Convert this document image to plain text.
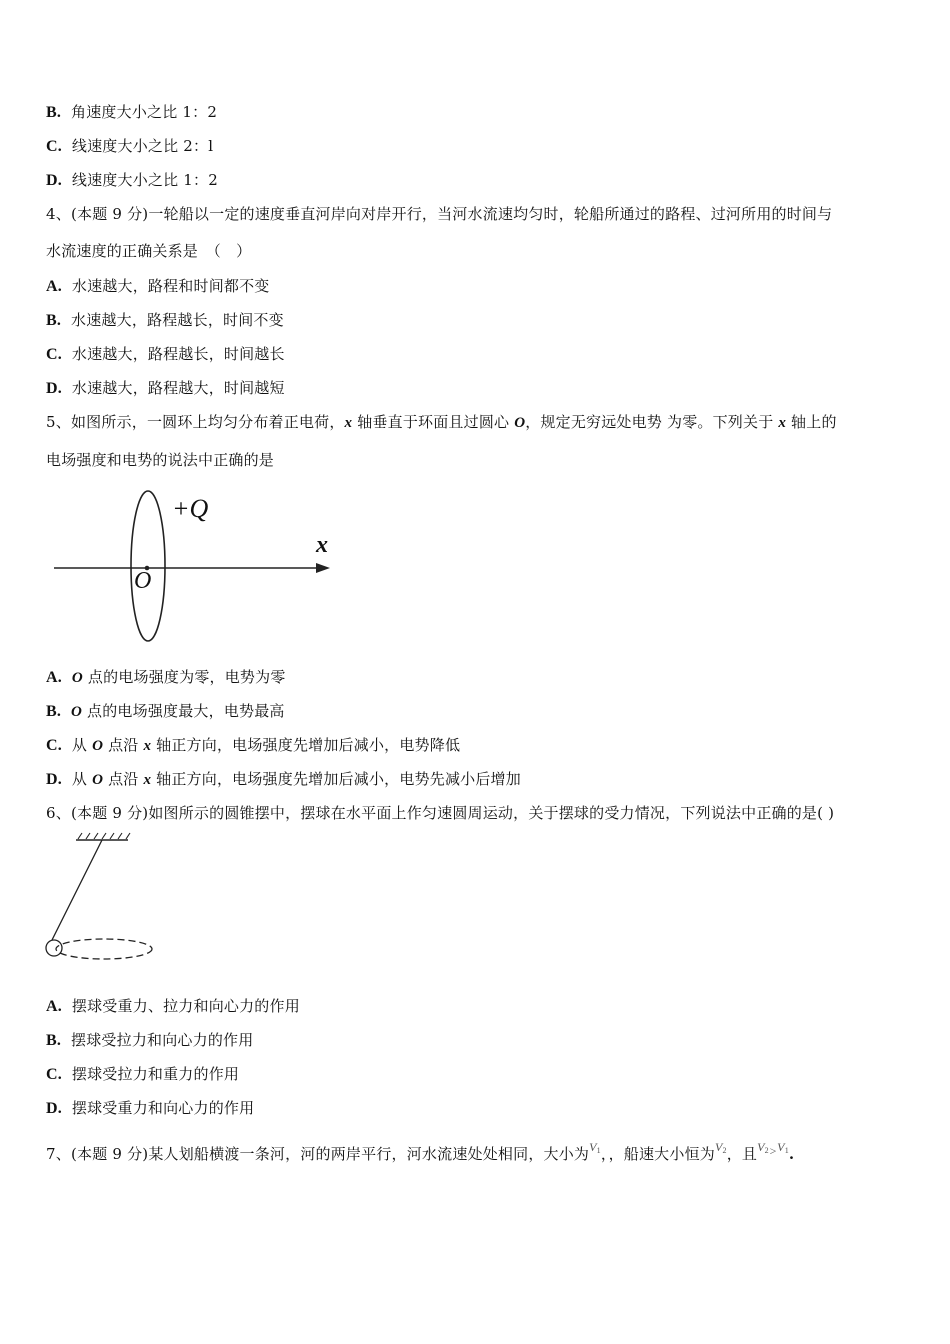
B. 角速度大小之比 1：2
C. 线速度大小之比 2：l
D. 线速度大小之比 1：2
4、(本题 9 分)一轮船以一定的速度垂直河岸向对岸开行，当河水流速均匀时，轮船所通过的路程、过河所用的时间与
水流速度的正确关系是　（　）
A. 水速越大，路程和时间都不变
B. 水速越大，路程越长，时间不变
C. 水速越大，路程越长，时间越长
D. 水速越大，路程越大，时间越短
5、如图所示，一圆环上均匀分布着正电荷，x 轴垂直于环面且过圆心 O，规定无穷远处电势 为零。下列关于 x 轴上的
电场强度和电势的说法中正确的是
+Q
x
O
A. O 点的电场强度为零，电势为零
B. O 点的电场强度最大，电势最高
C. 从 O 点沿 x 轴正方向，电场强度先增加后减小，电势降低
D. 从 O 点沿 x 轴正方向，电场强度先增加后减小，电势先减小后增加
6、(本题 9 分)如图所示的圆锥摆中，摆球在水平面上作匀速圆周运动，关于摆球的受力情况，下列说法中正确的是( )
A. 摆球受重力、拉力和向心力的作用
B. 摆球受拉力和向心力的作用
C. 摆球受拉力和重力的作用
D. 摆球受重力和向心力的作用
7、(本题 9 分)某人划船横渡一条河，河的两岸平行，河水流速处处相同，大小为$^{V_1}$，，船速大小恒为$^{V_2}$，且$^{V_2>V_1}$.
